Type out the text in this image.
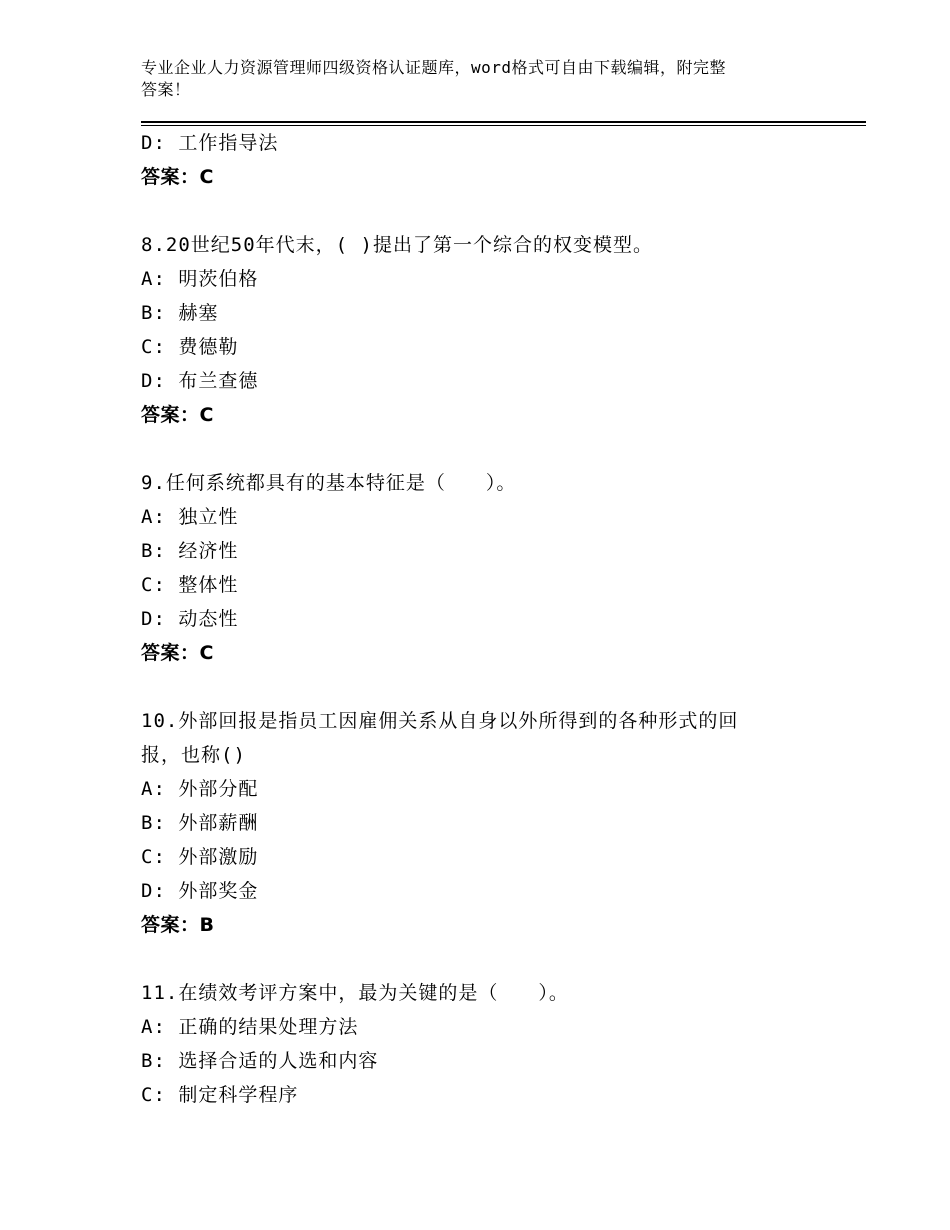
专业企业人力资源管理师四级资格认证题库，word格式可自由下载编辑，附完整
答案！
D: 工作指导法
答案：C
8.20世纪50年代末，( )提出了第一个综合的权变模型。
A: 明茨伯格
B: 赫塞
C: 费德勒
D: 布兰查德
答案：C
9.任何系统都具有的基本特征是（　　）。
A: 独立性
B: 经济性
C: 整体性
D: 动态性
答案：C
10.外部回报是指员工因雇佣关系从自身以外所得到的各种形式的回
报，也称()
A: 外部分配
B: 外部薪酬
C: 外部激励
D: 外部奖金
答案：B
11.在绩效考评方案中，最为关键的是（　　）。
A: 正确的结果处理方法
B: 选择合适的人选和内容
C: 制定科学程序
